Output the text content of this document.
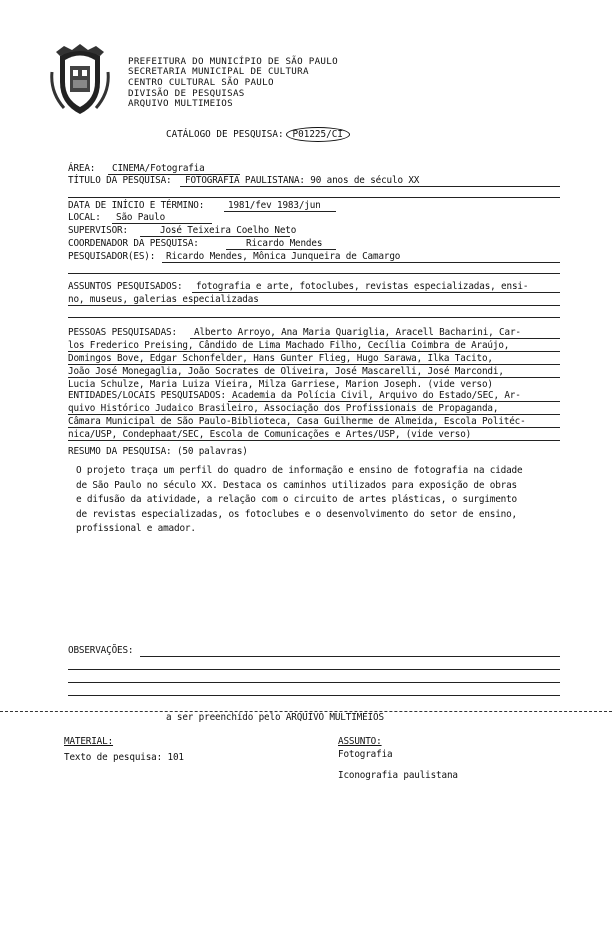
PREFEITURA DO MUNICÍPIO DE SÃO PAULO
SECRETARIA MUNICIPAL DE CULTURA
CENTRO CULTURAL SÃO PAULO
DIVISÃO DE PESQUISAS
ARQUIVO MULTIMEIOS
CATÁLOGO DE PESQUISA: P01225/CI
ÁREA: CINEMA/Fotografia
TÍTULO DA PESQUISA: FOTOGRAFIA PAULISTANA: 90 anos de século XX
DATA DE INÍCIO E TÉRMINO:	1981/fev 1983/jun
LOCAL: São Paulo
SUPERVISOR:	José Teixeira Coelho Neto
COORDENADOR DA PESQUISA:	Ricardo Mendes
PESQUISADOR(ES): Ricardo Mendes, Mônica Junqueira de Camargo
ASSUNTOS PESQUISADOS: fotografia e arte, fotoclubes, revistas especializadas, ensi-
no, museus, galerias especializadas
PESSOAS PESQUISADAS: Alberto Arroyo, Ana Maria Quariglia, Aracell Bacharini, Car-
los Frederico Preising, Cândido de Lima Machado Filho, Cecília Coimbra de Araújo,
Domingos Bove, Edgar Schonfelder, Hans Gunter Flieg, Hugo Sarawa, Ilka Tacito,
João José Monegaglia, João Socrates de Oliveira, José Mascarelli, José Marcondi,
Lucia Schulze, Maria Luiza Vieira, Milza Garriese, Marion Joseph. (vide verso)
ENTIDADES/LOCAIS PESQUISADOS: Academia da Polícia Civil, Arquivo do Estado/SEC, Ar-
quivo Histórico Judaico Brasileiro, Associação dos Profissionais de Propaganda,
Câmara Municipal de São Paulo-Biblioteca, Casa Guilherme de Almeida, Escola Politéc-
nica/USP, Condephaat/SEC, Escola de Comunicações e Artes/USP, (vide verso)
RESUMO DA PESQUISA: (50 palavras)
O projeto traça um perfil do quadro de informação e ensino de fotografia na cidade
de São Paulo no século XX. Destaca os caminhos utilizados para exposição de obras
e difusão da atividade, a relação com o circuito de artes plásticas, o surgimento
de revistas especializadas, os fotoclubes e o desenvolvimento do setor de ensino,
profissional e amador.
OBSERVAÇÕES:
a ser preenchido pelo ARQUIVO MULTIMEIOS
MATERIAL:
Texto de pesquisa: 101
ASSUNTO:
Fotografia
Iconografia paulistana
